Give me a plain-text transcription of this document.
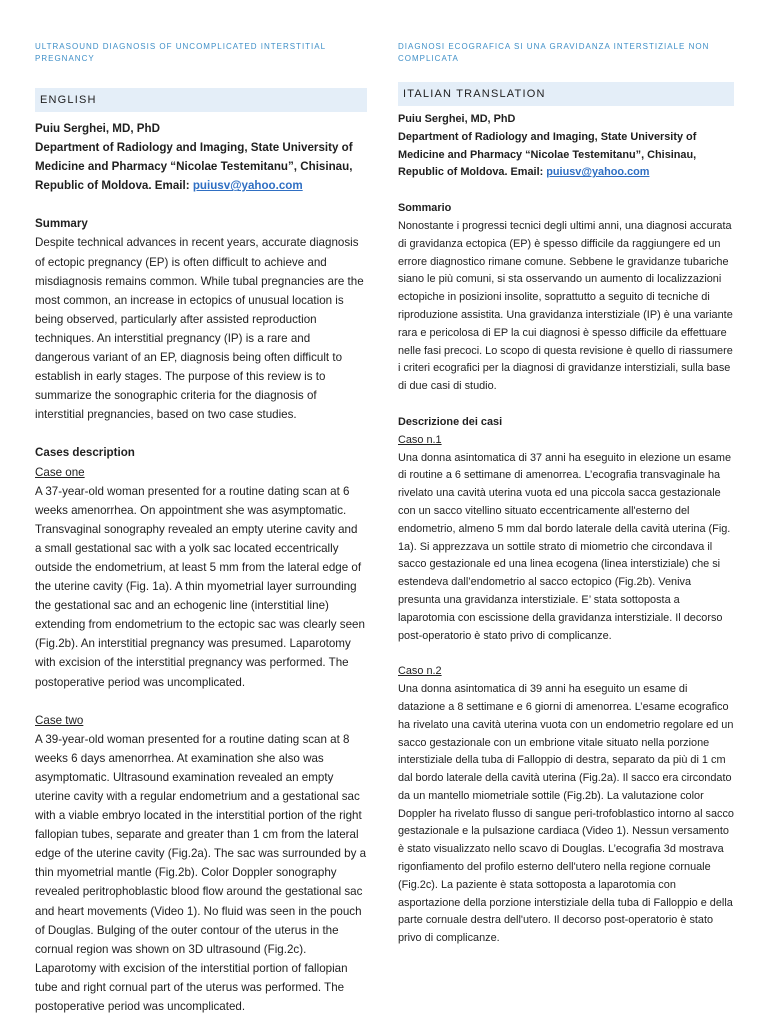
ULTRASOUND DIAGNOSIS OF UNCOMPLICATED INTERSTITIAL PREGNANCY
ENGLISH

Puiu Serghei, MD, PhD

Department of Radiology and Imaging, State University of Medicine and Pharmacy “Nicolae Testemitanu”, Chisinau, Republic of Moldova. Email: puiusv@yahoo.com

Summary

Despite technical advances in recent years, accurate diagnosis of ectopic pregnancy (EP) is often difficult to achieve and misdiagnosis remains common. While tubal pregnancies are the most common, an increase in ectopics of unusual location is being observed, particularly after assisted reproduction techniques. An interstitial pregnancy (IP) is a rare and dangerous variant of an EP, diagnosis being often difficult to establish in early stages. The purpose of this review is to summarize the sonographic criteria for the diagnosis of interstitial pregnancies, based on two case studies.

Cases description

Case one

A 37-year-old woman presented for a routine dating scan at 6 weeks amenorrhea. On appointment she was asymptomatic. Transvaginal sonography revealed an empty uterine cavity and a small gestational sac with a yolk sac located eccentrically outside the endometrium, at least 5 mm from the lateral edge of the uterine cavity (Fig. 1a). A thin myometrial layer surrounding the gestational sac and an echogenic line (interstitial line) extending from endometrium to the ectopic sac was clearly seen (Fig.2b). An interstitial pregnancy was presumed. Laparotomy with excision of the interstitial pregnancy was performed. The postoperative period was uncomplicated.

Case two

A 39-year-old woman presented for a routine dating scan at 8 weeks 6 days amenorrhea. At examination she also was asymptomatic. Ultrasound examination revealed an empty uterine cavity with a regular endometrium and a gestational sac with a viable embryo located in the interstitial portion of the right fallopian tubes, separate and greater than 1 cm from the lateral edge of the uterine cavity (Fig.2a). The sac was surrounded by a thin myometrial mantle (Fig.2b). Color Doppler sonography revealed peritrophoblastic blood flow around the gestational sac and heart movements (Video 1). No fluid was seen in the pouch of Douglas. Bulging of the outer contour of the uterus in the cornual region was shown on 3D ultrasound (Fig.2c). Laparotomy with excision of the interstitial portion of fallopian tube and right cornual part of the uterus was performed. The postoperative period was uncomplicated.

DIAGNOSI ECOGRAFICA SI UNA GRAVIDANZA INTERSTIZIALE NON COMPLICATA
ITALIAN TRANSLATION

Puiu Serghei, MD, PhD

Department of Radiology and Imaging, State University of Medicine and Pharmacy “Nicolae Testemitanu”, Chisinau, Republic of Moldova. Email: puiusv@yahoo.com

Sommario

Nonostante i progressi tecnici degli ultimi anni, una diagnosi accurata di gravidanza ectopica (EP) è spesso difficile da raggiungere ed un errore diagnostico rimane comune. Sebbene le gravidanze tubariche siano le più comuni, si sta osservando un aumento di localizzazioni ectopiche in posizioni insolite, soprattutto a seguito di tecniche di riproduzione assistita. Una gravidanza interstiziale (IP) è una variante rara e pericolosa di EP la cui diagnosi è spesso difficile da effettuare nelle fasi precoci. Lo scopo di questa revisione è quello di riassumere i criteri ecografici per la diagnosi di gravidanze interstiziali, sulla base di due casi di studio.

Descrizione dei casi

Caso n.1

Una donna asintomatica di 37 anni ha eseguito in elezione un esame di routine a 6 settimane di amenorrea. L’ecografia transvaginale ha rivelato una cavità uterina vuota ed una piccola sacca gestazionale con un sacco vitellino situato eccentricamente all'esterno del endometrio, almeno 5 mm dal bordo laterale della cavità uterina (Fig. 1a). Si apprezzava un sottile strato di miometrio che circondava il sacco gestazionale ed una linea ecogena (linea interstiziale) che si estendeva dall’endometrio al sacco ectopico (Fig.2b). Veniva presunta una gravidanza interstiziale. E’ stata sottoposta a laparotomia con escissione della gravidanza interstiziale. Il decorso post-operatorio è stato privo di complicanze.

Caso n.2

Una donna asintomatica di 39 anni ha eseguito un esame di datazione a 8 settimane e 6 giorni di amenorrea. L’esame ecografico ha rivelato una cavità uterina vuota con un endometrio regolare ed un sacco gestazionale con un embrione vitale situato nella porzione interstiziale della tuba di Falloppio di destra, separato da più di 1 cm dal bordo laterale della cavità uterina (Fig.2a). Il sacco era circondato da un mantello miometriale sottile (Fig.2b). La valutazione color Doppler ha rivelato flusso di sangue peri-trofoblastico intorno al sacco gestazionale e la pulsazione cardiaca (Video 1). Nessun versamento è stato visualizzato nello scavo di Douglas. L’ecografia 3d mostrava rigonfiamento del profilo esterno dell'utero nella regione cornuale (Fig.2c). La paziente è stata sottoposta a laparotomia con asportazione della porzione interstiziale della tuba di Falloppio e della parte cornuale destra dell'utero. Il decorso post-operatorio è stato privo di complicanze.
